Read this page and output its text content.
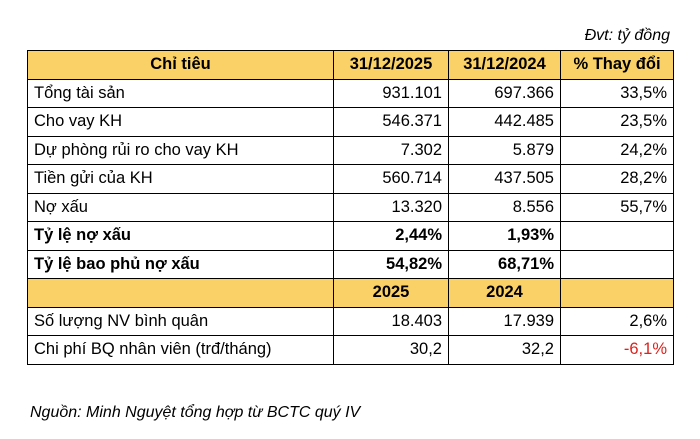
Đvt: tỷ đồng
Chỉ tiêu	31/12/2025	31/12/2024	% Thay đổi
Tổng tài sản	931.101	697.366	33,5%
Cho vay KH	546.371	442.485	23,5%
Dự phòng rủi ro cho vay KH	7.302	5.879	24,2%
Tiền gửi của KH	560.714	437.505	28,2%
Nợ xấu	13.320	8.556	55,7%
Tỷ lệ nợ xấu	2,44%	1,93%	
Tỷ lệ bao phủ nợ xấu	54,82%	68,71%	
	2025	2024	
Số lượng NV bình quân	18.403	17.939	2,6%
Chi phí BQ nhân viên (trđ/tháng)	30,2	32,2	-6,1%
Nguồn: Minh Nguyệt tổng hợp từ BCTC quý IV
